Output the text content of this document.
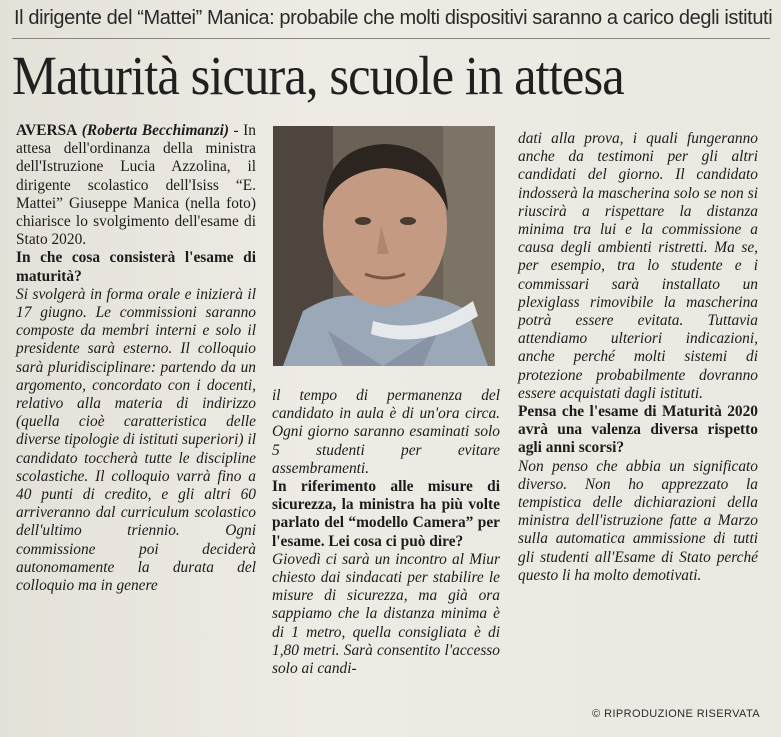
Il dirigente del “Mattei” Manica: probabile che molti dispositivi saranno a carico degli istituti
Maturità sicura, scuole in attesa

AVERSA (Roberta Becchimanzi) - In attesa dell'ordinanza della ministra dell'Istruzione Lucia Azzolina, il dirigente scolastico dell'Isiss “E. Mattei” Giuseppe Manica (nella foto) chiarisce lo svolgimento dell'esame di Stato 2020.

In che cosa consisterà l'esame di maturità?

Si svolgerà in forma orale e inizierà il 17 giugno. Le commissioni saranno composte da membri interni e solo il presidente sarà esterno. Il colloquio sarà pluridisciplinare: partendo da un argomento, concordato con i docenti, relativo alla materia di indirizzo (quella cioè caratteristica delle diverse tipologie di istituti superiori) il candidato toccherà tutte le discipline scolastiche. Il colloquio varrà fino a 40 punti di credito, e gli altri 60 arriveranno dal curriculum scolastico dell'ultimo triennio. Ogni commissione poi deciderà autonomamente la durata del colloquio ma in genere

il tempo di permanenza del candidato in aula è di un'ora circa. Ogni giorno saranno esaminati solo 5 studenti per evitare assembramenti.

In riferimento alle misure di sicurezza, la ministra ha più volte parlato del “modello Camera” per l'esame. Lei cosa ci può dire?

Giovedì ci sarà un incontro al Miur chiesto dai sindacati per stabilire le misure di sicurezza, ma già ora sappiamo che la distanza minima è di 1 metro, quella consigliata è di 1,80 metri. Sarà consentito l'accesso solo ai candi-

dati alla prova, i quali fungeranno anche da testimoni per gli altri candidati del giorno. Il candidato indosserà la mascherina solo se non si riuscirà a rispettare la distanza minima tra lui e la commissione a causa degli ambienti ristretti. Ma se, per esempio, tra lo studente e i commissari sarà installato un plexiglass rimovibile la mascherina potrà essere evitata. Tuttavia attendiamo ulteriori indicazioni, anche perché molti sistemi di protezione probabilmente dovranno essere acquistati dagli istituti.

Pensa che l'esame di Maturità 2020 avrà una valenza diversa rispetto agli anni scorsi?

Non penso che abbia un significato diverso. Non ho apprezzato la tempistica delle dichiarazioni della ministra dell'istruzione fatte a Marzo sulla automatica ammissione di tutti gli studenti all'Esame di Stato perché questo li ha molto demotivati.

© RIPRODUZIONE RISERVATA
